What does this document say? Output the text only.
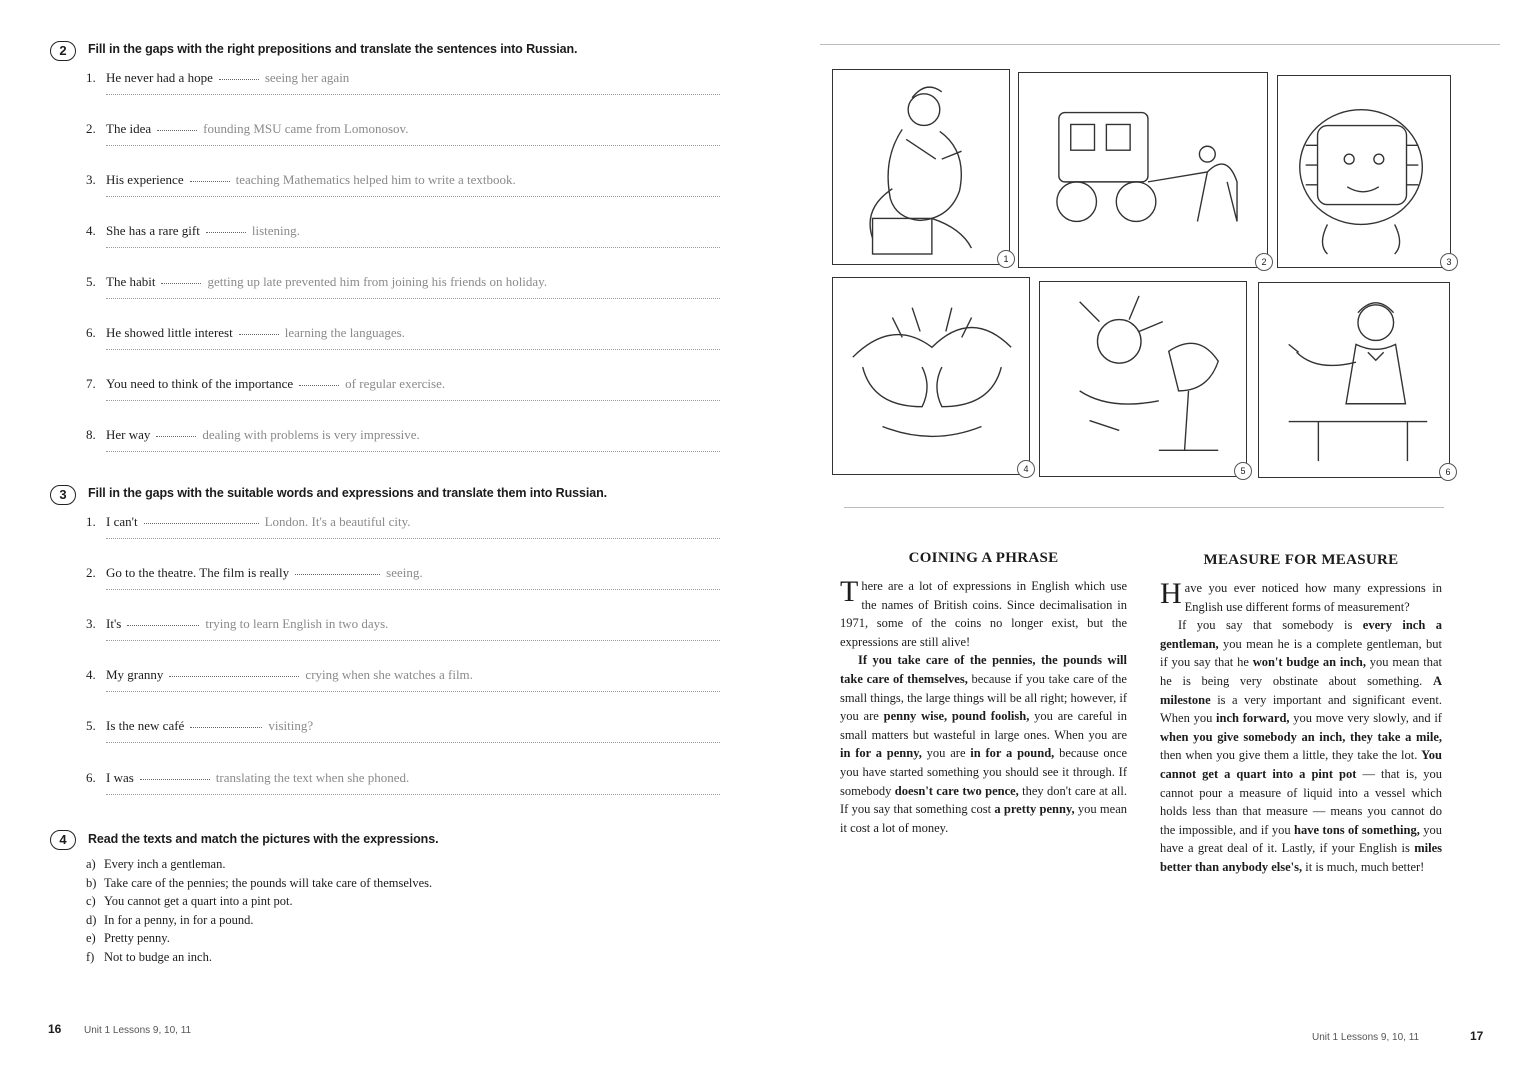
2	Fill in the gaps with the right prepositions and translate the sentences into Russian.
1. He never had a hope	seeing her again
2. The idea	founding MSU came from Lomonosov.
3. His experience	teaching Mathematics helped him to write a textbook.
4. She has a rare gift	listening.
5. The habit	getting up late prevented him from joining his friends on holiday.
6. He showed little interest	learning the languages.
7. You need to think of the importance	of regular exercise.
8. Her way	dealing with problems is very impressive.
3	Fill in the gaps with the suitable words and expressions and translate them into Russian.
1. I can't	London. It's a beautiful city.
2. Go to the theatre. The film is really	seeing.
3. It's	trying to learn English in two days.
4. My granny	crying when she watches a film.
5. Is the new café	visiting?
6. I was	translating the text when she phoned.
4	Read the texts and match the pictures with the expressions.
a) Every inch a gentleman.
b) Take care of the pennies; the pounds will take care of themselves.
c) You cannot get a quart into a pint pot.
d) In for a penny, in for a pound.
e) Pretty penny.
f) Not to budge an inch.
16 Unit 1 Lessons 9, 10, 11
1	2	3
4	5	6
COINING A PHRASE

There are a lot of expressions in English which use the names of British coins. Since decimalisation in 1971, some of the coins no longer exist, but the expressions are still alive!

If you take care of the pennies, the pounds will take care of themselves, because if you take care of the small things, the large things will be all right; however, if you are penny wise, pound foolish, you are careful in small matters but wasteful in large ones. When you are in for a penny, you are in for a pound, because once you have started something you should see it through. If somebody doesn't care two pence, they don't care at all. If you say that something cost a pretty penny, you mean it cost a lot of money.

MEASURE FOR MEASURE

Have you ever noticed how many expressions in English use different forms of measurement?

If you say that somebody is every inch a gentleman, you mean he is a complete gentleman, but if you say that he won't budge an inch, you mean that he is being very obstinate about something. A milestone is a very important and significant event. When you inch forward, you move very slowly, and if when you give somebody an inch, they take a mile, then when you give them a little, they take the lot. You cannot get a quart into a pint pot — that is, you cannot pour a measure of liquid into a vessel which holds less than that measure — means you cannot do the impossible, and if you have tons of something, you have a great deal of it. Lastly, if your English is miles better than anybody else's, it is much, much better!

Unit 1 Lessons 9, 10, 11	17
